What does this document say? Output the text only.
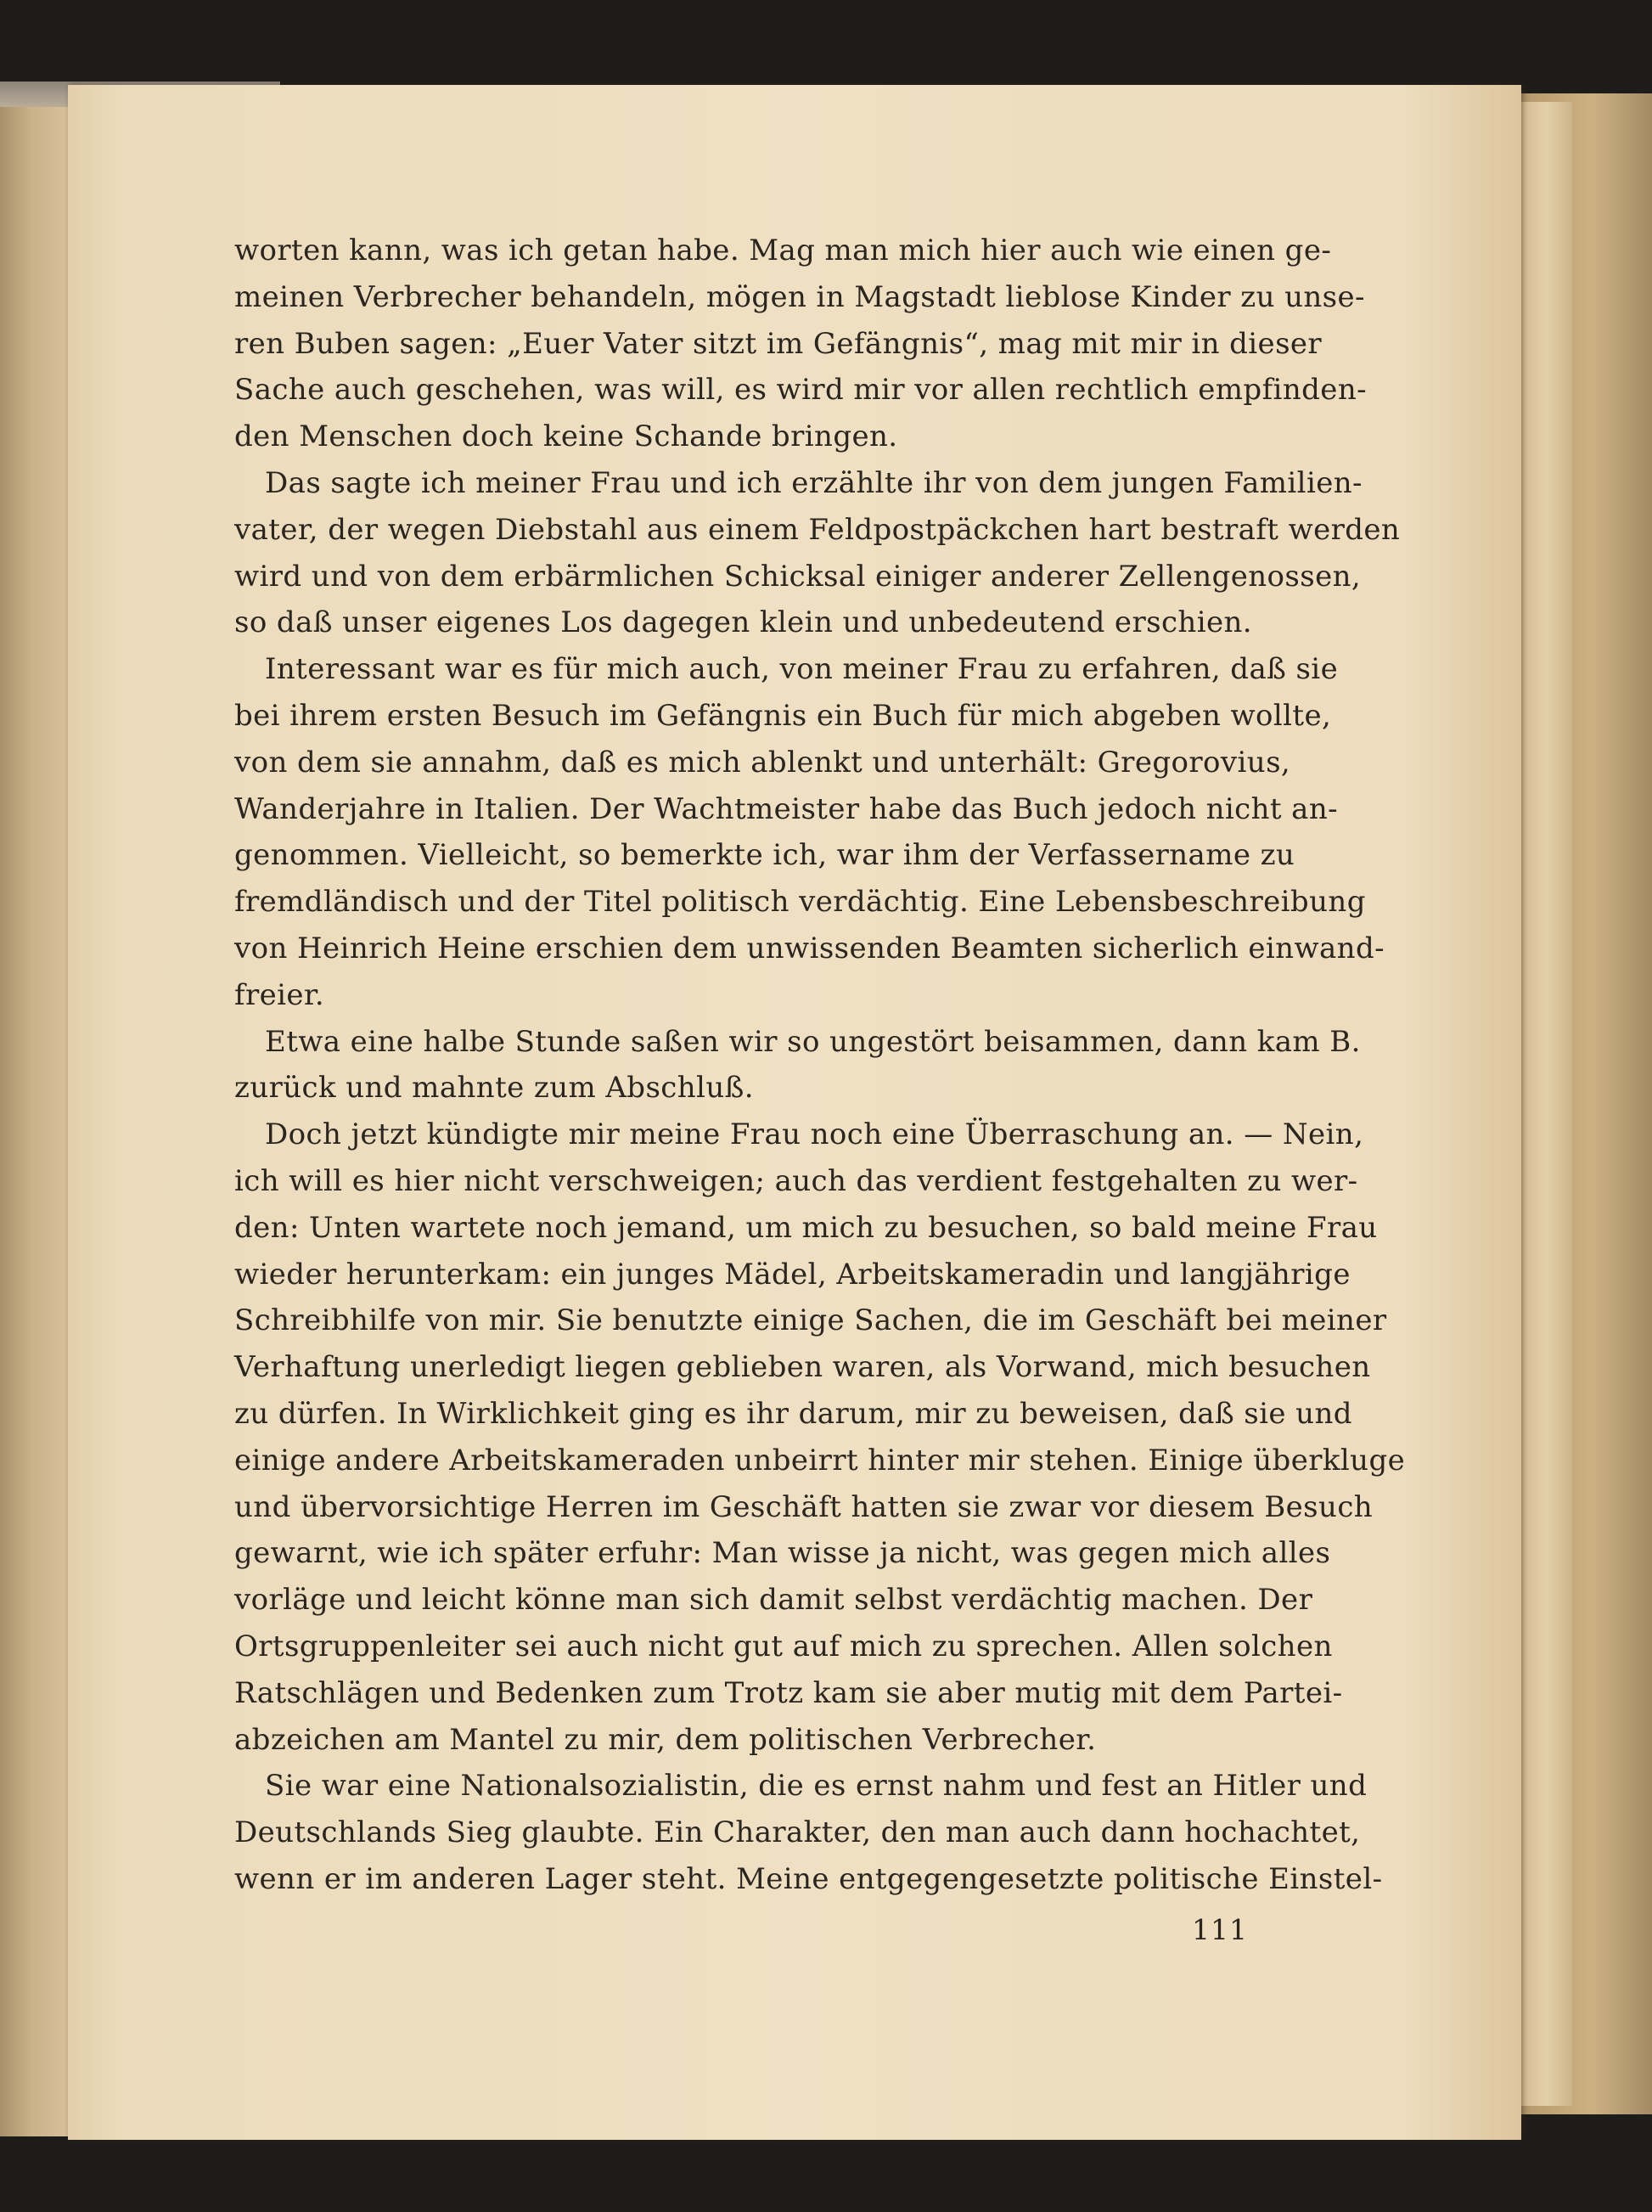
worten kann, was ich getan habe. Mag man mich hier auch wie einen ge-
meinen Verbrecher behandeln, mögen in Magstadt lieblose Kinder zu unse-
ren Buben sagen: „Euer Vater sitzt im Gefängnis“, mag mit mir in dieser
Sache auch geschehen, was will, es wird mir vor allen rechtlich empfinden-
den Menschen doch keine Schande bringen.
Das sagte ich meiner Frau und ich erzählte ihr von dem jungen Familien-
vater, der wegen Diebstahl aus einem Feldpostpäckchen hart bestraft werden
wird und von dem erbärmlichen Schicksal einiger anderer Zellengenossen,
so daß unser eigenes Los dagegen klein und unbedeutend erschien.
Interessant war es für mich auch, von meiner Frau zu erfahren, daß sie
bei ihrem ersten Besuch im Gefängnis ein Buch für mich abgeben wollte,
von dem sie annahm, daß es mich ablenkt und unterhält: Gregorovius,
Wanderjahre in Italien. Der Wachtmeister habe das Buch jedoch nicht an-
genommen. Vielleicht, so bemerkte ich, war ihm der Verfassername zu
fremdländisch und der Titel politisch verdächtig. Eine Lebensbeschreibung
von Heinrich Heine erschien dem unwissenden Beamten sicherlich einwand-
freier.
Etwa eine halbe Stunde saßen wir so ungestört beisammen, dann kam B.
zurück und mahnte zum Abschluß.
Doch jetzt kündigte mir meine Frau noch eine Überraschung an. — Nein,
ich will es hier nicht verschweigen; auch das verdient festgehalten zu wer-
den: Unten wartete noch jemand, um mich zu besuchen, so bald meine Frau
wieder herunterkam: ein junges Mädel, Arbeitskameradin und langjährige
Schreibhilfe von mir. Sie benutzte einige Sachen, die im Geschäft bei meiner
Verhaftung unerledigt liegen geblieben waren, als Vorwand, mich besuchen
zu dürfen. In Wirklichkeit ging es ihr darum, mir zu beweisen, daß sie und
einige andere Arbeitskameraden unbeirrt hinter mir stehen. Einige überkluge
und übervorsichtige Herren im Geschäft hatten sie zwar vor diesem Besuch
gewarnt, wie ich später erfuhr: Man wisse ja nicht, was gegen mich alles
vorläge und leicht könne man sich damit selbst verdächtig machen. Der
Ortsgruppenleiter sei auch nicht gut auf mich zu sprechen. Allen solchen
Ratschlägen und Bedenken zum Trotz kam sie aber mutig mit dem Partei-
abzeichen am Mantel zu mir, dem politischen Verbrecher.
Sie war eine Nationalsozialistin, die es ernst nahm und fest an Hitler und
Deutschlands Sieg glaubte. Ein Charakter, den man auch dann hochachtet,
wenn er im anderen Lager steht. Meine entgegengesetzte politische Einstel-
111
